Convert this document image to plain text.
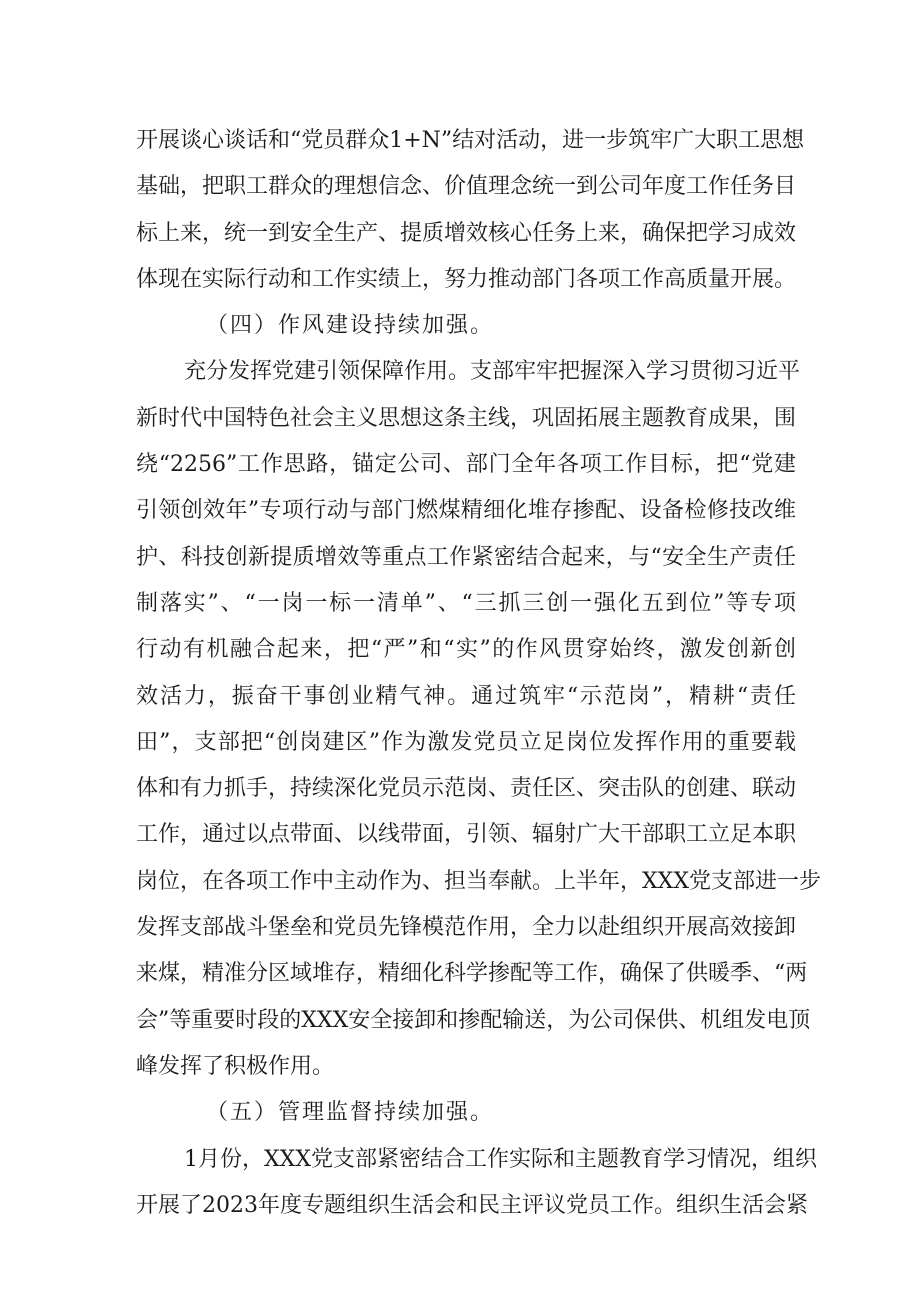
开展谈心谈话和“党员群众1+N”结对活动，进一步筑牢广大职工思想
基础，把职工群众的理想信念、价值理念统一到公司年度工作任务目
标上来，统一到安全生产、提质增效核心任务上来，确保把学习成效
体现在实际行动和工作实绩上，努力推动部门各项工作高质量开展。
（四）作风建设持续加强。
充分发挥党建引领保障作用。支部牢牢把握深入学习贯彻习近平
新时代中国特色社会主义思想这条主线，巩固拓展主题教育成果，围
绕“2256”工作思路，锚定公司、部门全年各项工作目标，把“党建
引领创效年”专项行动与部门燃煤精细化堆存掺配、设备检修技改维
护、科技创新提质增效等重点工作紧密结合起来，与“安全生产责任
制落实”、“一岗一标一清单”、“三抓三创一强化五到位”等专项
行动有机融合起来，把“严”和“实”的作风贯穿始终，激发创新创
效活力，振奋干事创业精气神。通过筑牢“示范岗”，精耕“责任
田”，支部把“创岗建区”作为激发党员立足岗位发挥作用的重要载
体和有力抓手，持续深化党员示范岗、责任区、突击队的创建、联动
工作，通过以点带面、以线带面，引领、辐射广大干部职工立足本职
岗位，在各项工作中主动作为、担当奉献。上半年，XXX党支部进一步
发挥支部战斗堡垒和党员先锋模范作用，全力以赴组织开展高效接卸
来煤，精准分区域堆存，精细化科学掺配等工作，确保了供暖季、“两
会”等重要时段的XXX安全接卸和掺配输送，为公司保供、机组发电顶
峰发挥了积极作用。
（五）管理监督持续加强。
1月份，XXX党支部紧密结合工作实际和主题教育学习情况，组织
开展了2023年度专题组织生活会和民主评议党员工作。组织生活会紧
